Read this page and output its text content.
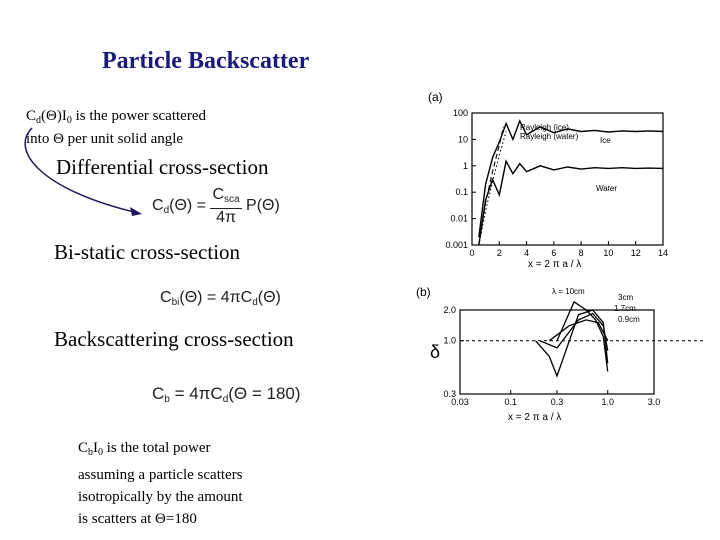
Particle Backscatter
$C_d(\Theta)I_0$ is the power scattered
into Θ per unit solid angle
Differential cross-section
Bi-static cross-section
Backscattering cross-section
$C_d(\Theta) = \frac{C_{sca}}{4\pi} P(\Theta)$
$C_{bi}(\Theta) = 4\pi C_d(\Theta)$
$C_b = 4\pi C_d(\Theta = 180)$
$C_bI_0$ is the total power
assuming a particle scatters
isotropically by the amount
is scatters at Θ=180
(a)
100
10
1
0.1
0.01
0.001
0 2 4 6 8 10 12 14
x = 2 π a / λ
Rayleigh (ice)
Rayleigh (water)	Ice
Water
(b)
δ
2.0
1.0
0.3
0.03	0.1	0.3	1.0	3.0
x = 2 π a / λ
λ = 10cm
3cm
1.7cm
0.9cm
